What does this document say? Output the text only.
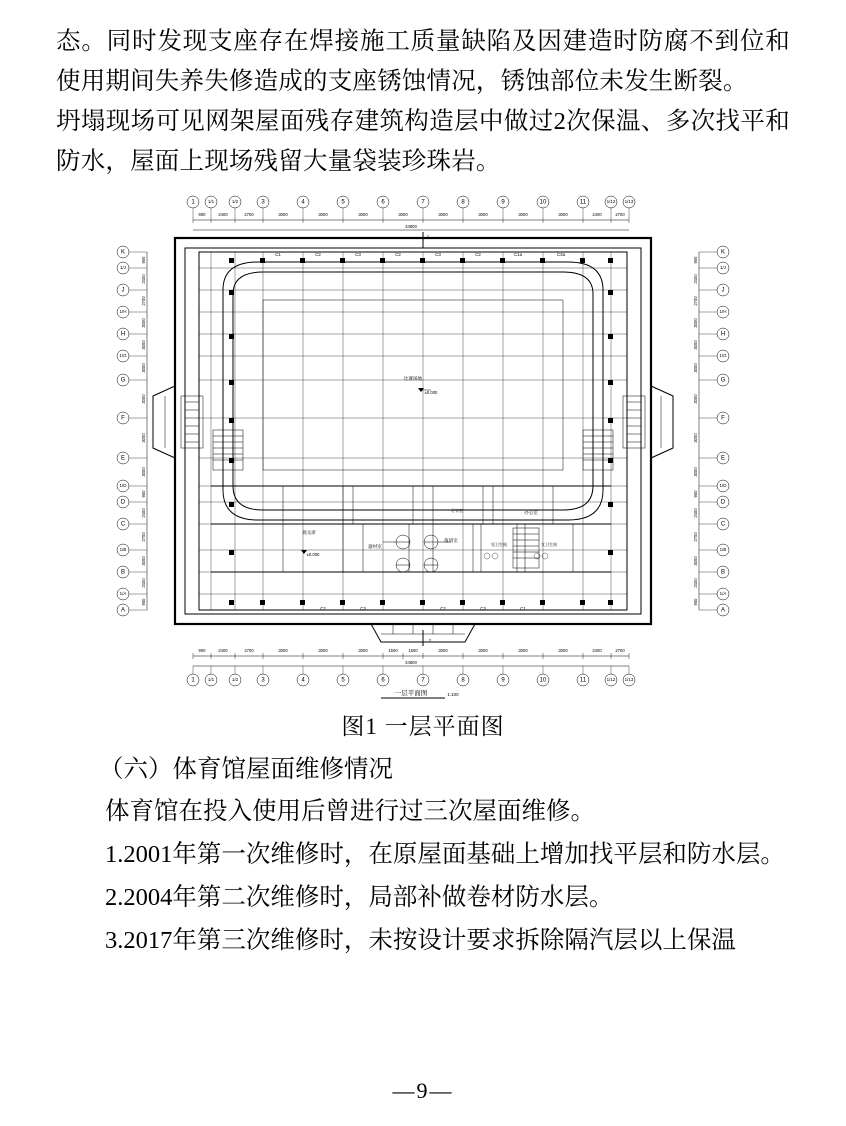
态。同时发现支座存在焊接施工质量缺陷及因建造时防腐不到位和使用期间失养失修造成的支座锈蚀情况，锈蚀部位未发生断裂。

坍塌现场可见网架屋面残存建筑构造层中做过2次保温、多次找平和防水，屋面上现场残留大量袋装珍珠岩。

1	1/1	1/2	3	4	5	6	7	8	9	10	11	1/12 1/13
900	2400	2700	3000	3000	3000	3000	3000	3000	3000	3000	2400	2700
34800
1
K
1/J
J
1/H
H
1/G
G
F
E
1/D
D
C
1/B
B
1/A
A
900
2400
2700
3000
3000
3000
3000
3000
3000
900
2400
2700
3000
2400
900
K
1/J
J
1/H
H
1/G
G
F
E
1/D
D
C
1/B
B
1/A
A
900
2400
2700
3000
3000
3000
3000
3000
3000
900
2400
2700
3000
2400
900
比赛场地
±0.000
C1	C2	C3	C2	C3	C2	C1a	C3a
C2	C3	C2	C3	C1
观众席
器材室
值班室
男卫生间	女卫生间
办公室
更衣室
±0.000
2
900	2400	2700	3000	3000	3000	1500	1500	3000	3000	3000	3000	2400	2700
34800
1	1/1	1/2	3	4	5	6	7	8	9	10	11	1/12 1/13
一层平面图	1:100
图1 一层平面图
（六）体育馆屋面维修情况

体育馆在投入使用后曾进行过三次屋面维修。

1.2001年第一次维修时，在原屋面基础上增加找平层和防水层。

2.2004年第二次维修时，局部补做卷材防水层。

3.2017年第三次维修时，未按设计要求拆除隔汽层以上保温

—9—
